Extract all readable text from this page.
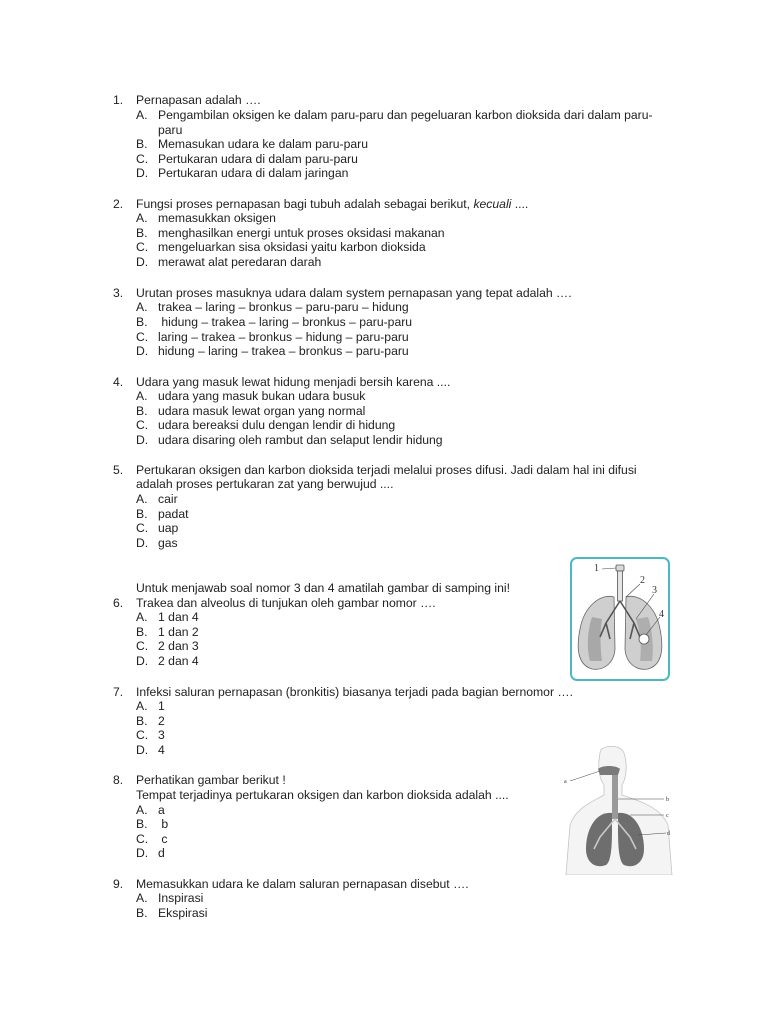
1. Pernapasan adalah ….
A. Pengambilan oksigen ke dalam paru-paru dan pegeluaran karbon dioksida dari dalam paru-
paru
B. Memasukan udara ke dalam paru-paru
C. Pertukaran udara di dalam paru-paru
D. Pertukaran udara di dalam jaringan
2. Fungsi proses pernapasan bagi tubuh adalah sebagai berikut, kecuali ....
A. memasukkan oksigen
B. menghasilkan energi untuk proses oksidasi makanan
C. mengeluarkan sisa oksidasi yaitu karbon dioksida
D. merawat alat peredaran darah
3. Urutan proses masuknya udara dalam system pernapasan yang tepat adalah ….
A. trakea – laring – bronkus – paru-paru – hidung
B. hidung – trakea – laring – bronkus – paru-paru
C. laring – trakea – bronkus – hidung – paru-paru
D. hidung – laring – trakea – bronkus – paru-paru
4. Udara yang masuk lewat hidung menjadi bersih karena ....
A. udara yang masuk bukan udara busuk
B. udara masuk lewat organ yang normal
C. udara bereaksi dulu dengan lendir di hidung
D. udara disaring oleh rambut dan selaput lendir hidung
5. Pertukaran oksigen dan karbon dioksida terjadi melalui proses difusi. Jadi dalam hal ini difusi
adalah proses pertukaran zat yang berwujud ....
A. cair
B. padat
C. uap
D. gas
Untuk menjawab soal nomor 3 dan 4 amatilah gambar di samping ini!
6. Trakea dan alveolus di tunjukan oleh gambar nomor ….
A. 1 dan 4
B. 1 dan 2
C. 2 dan 3
D. 2 dan 4
7. Infeksi saluran pernapasan (bronkitis) biasanya terjadi pada bagian bernomor ….
A. 1
B. 2
C. 3
D. 4
8. Perhatikan gambar berikut !
Tempat terjadinya pertukaran oksigen dan karbon dioksida adalah ....
A. a
B. b
C. c
D. d
9. Memasukkan udara ke dalam saluran pernapasan disebut ….
A. Inspirasi
B. Ekspirasi
1
2
3
4
a
b
c
d
